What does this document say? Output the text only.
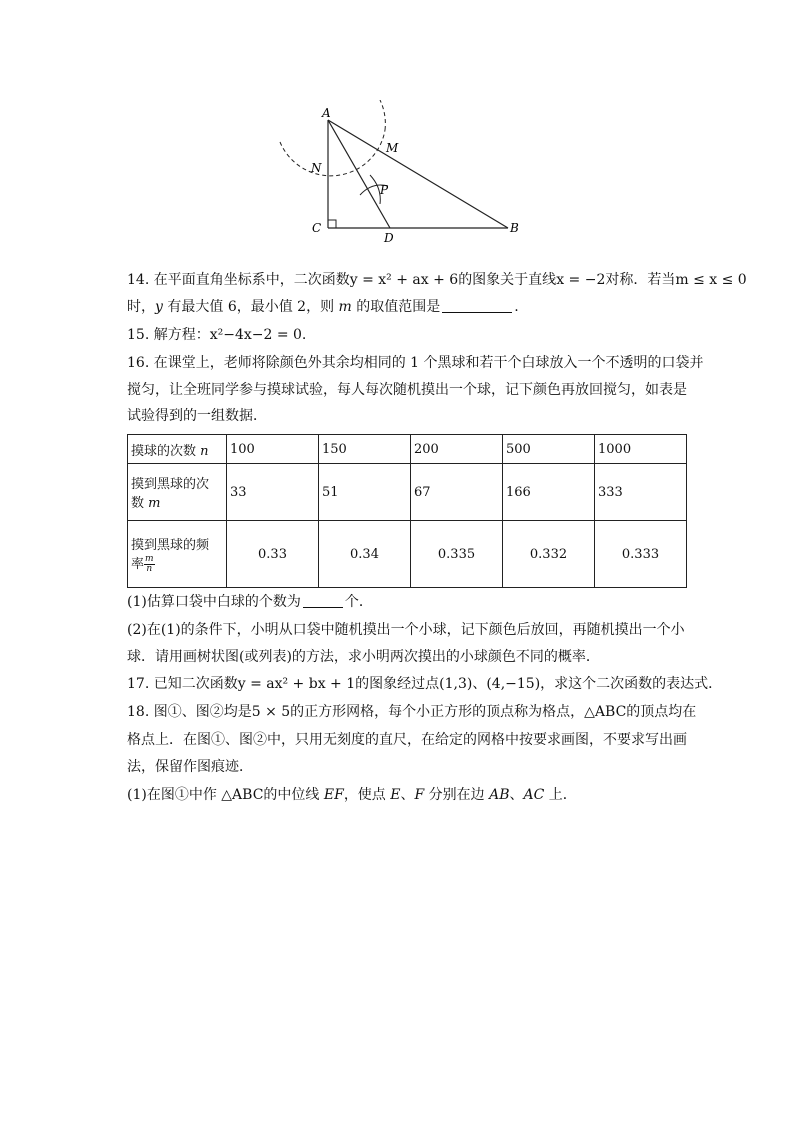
A
M
N
P
C
D
B
14. 在平面直角坐标系中，二次函数y = x² + ax + 6的图象关于直线x = −2对称．若当m ≤ x ≤ 0
时，y 有最大值 6，最小值 2，则 m 的取值范围是	.
15. 解方程：x²−4x−2 = 0.
16. 在课堂上，老师将除颜色外其余均相同的 1 个黑球和若干个白球放入一个不透明的口袋并
搅匀，让全班同学参与摸球试验，每人每次随机摸出一个球，记下颜色再放回搅匀，如表是
试验得到的一组数据．
摸球的次数 n	100	150	200	500	1000
摸到黑球的次
数 m	33	51	67	166	333
摸到黑球的频
率 $\frac{m}{n}$	0.33	0.34	0.335	0.332	0.333
(1)估算口袋中白球的个数为	个．
(2)在(1)的条件下，小明从口袋中随机摸出一个小球，记下颜色后放回，再随机摸出一个小
球．请用画树状图(或列表)的方法，求小明两次摸出的小球颜色不同的概率．
17. 已知二次函数y = ax² + bx + 1的图象经过点(1,3)、(4,−15)，求这个二次函数的表达式．
18. 图①、图②均是5 × 5的正方形网格，每个小正方形的顶点称为格点，△ABC的顶点均在
格点上．在图①、图②中，只用无刻度的直尺，在给定的网格中按要求画图，不要求写出画
法，保留作图痕迹．
(1)在图①中作 △ABC的中位线 EF，使点 E、F 分别在边 AB、AC 上．
